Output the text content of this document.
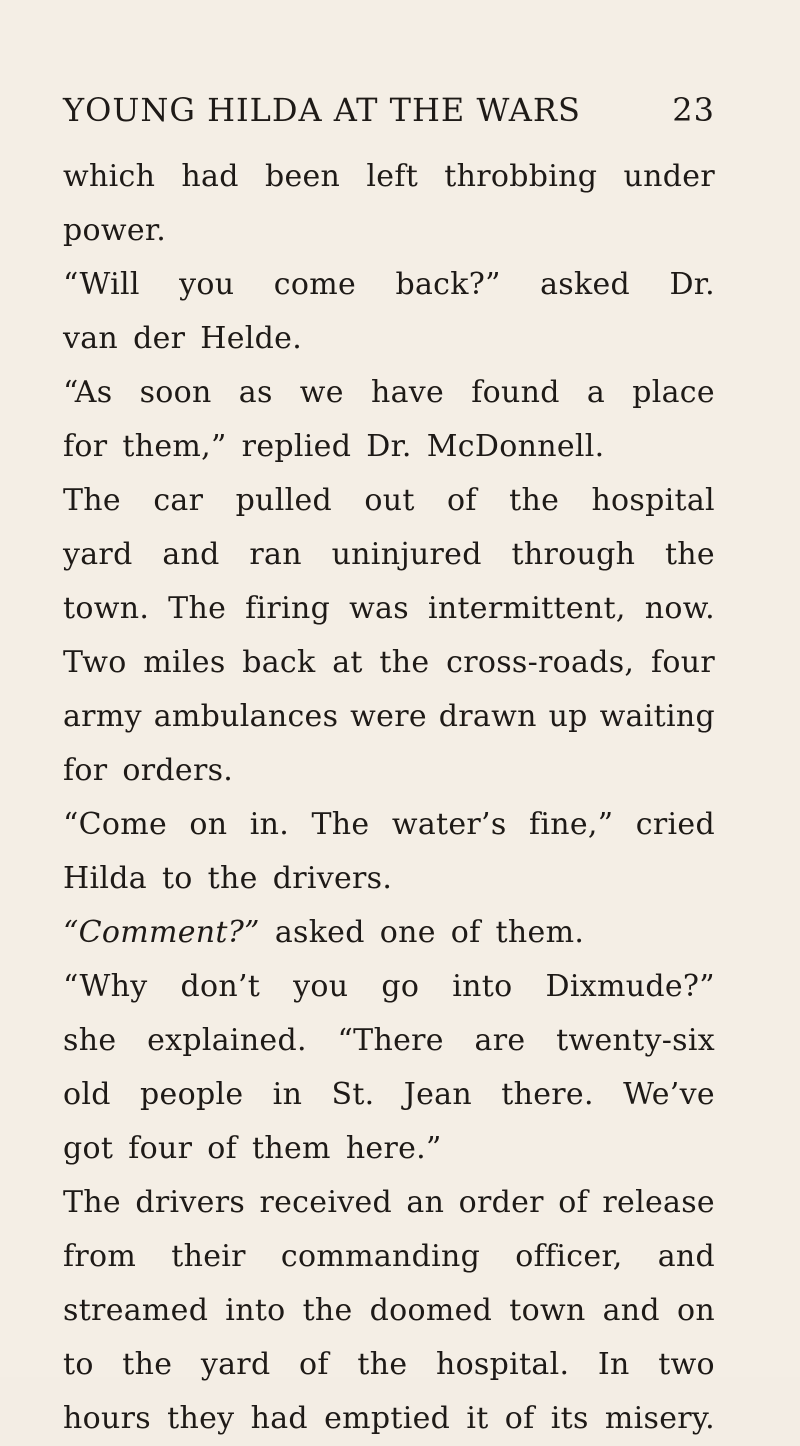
YOUNG HILDA AT THE WARS	23
which had been left throbbing under
power.
“Will you come back?” asked Dr.
van der Helde.
“As soon as we have found a place
for them,” replied Dr. McDonnell.
The car pulled out of the hospital
yard and ran uninjured through the
town. The firing was intermittent, now.
Two miles back at the cross-roads, four
army ambulances were drawn up waiting
for orders.
“Come on in. The water’s fine,” cried
Hilda to the drivers.
“Comment?” asked one of them.
“Why don’t you go into Dixmude?”
she explained. “There are twenty-six
old people in St. Jean there. We’ve
got four of them here.”
The drivers received an order of release
from their commanding officer, and
streamed into the doomed town and on
to the yard of the hospital. In two
hours they had emptied it of its misery.
